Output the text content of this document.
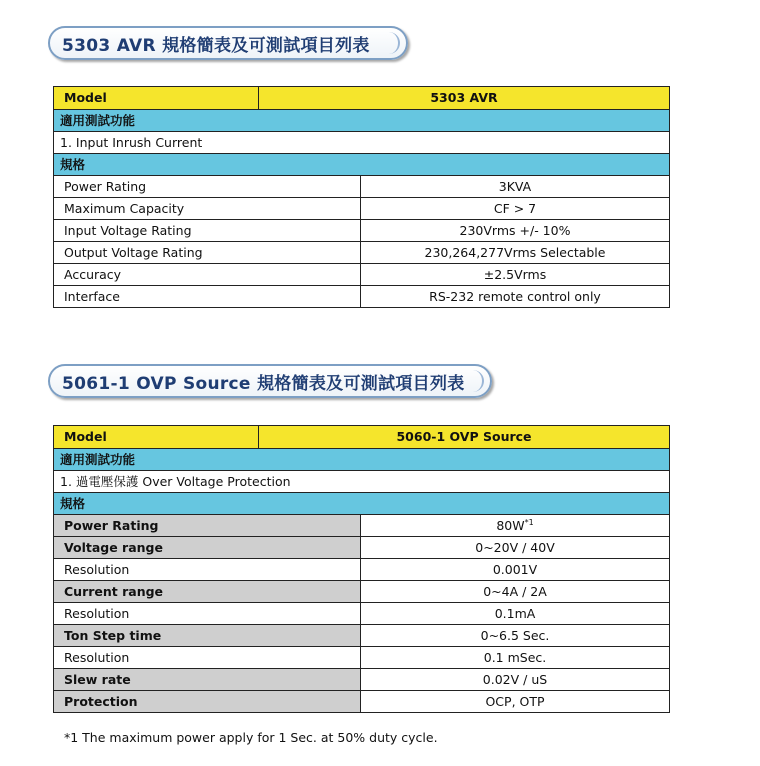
5303 AVR 規格簡表及可測試項目列表
Model	5303 AVR	
適用測試功能		
1. Input Inrush Current		
規格		
Power Rating		3KVA
Maximum Capacity		CF > 7
Input Voltage Rating		230Vrms +/- 10%
Output Voltage Rating		230,264,277Vrms Selectable
Accuracy		±2.5Vrms
Interface		RS-232 remote control only
5061-1 OVP Source 規格簡表及可測試項目列表
Model	5060-1 OVP Source	
適用測試功能		
1. 過電壓保護 Over Voltage Protection		
規格		
Power Rating		$80W^{*1}$
Voltage range		0~20V / 40V
Resolution		0.001V
Current range		0~4A / 2A
Resolution		0.1mA
Ton Step time		0~6.5 Sec.
Resolution		0.1 mSec.
Slew rate		0.02V / uS
Protection		OCP, OTP
*1 The maximum power apply for 1 Sec. at 50% duty cycle.
